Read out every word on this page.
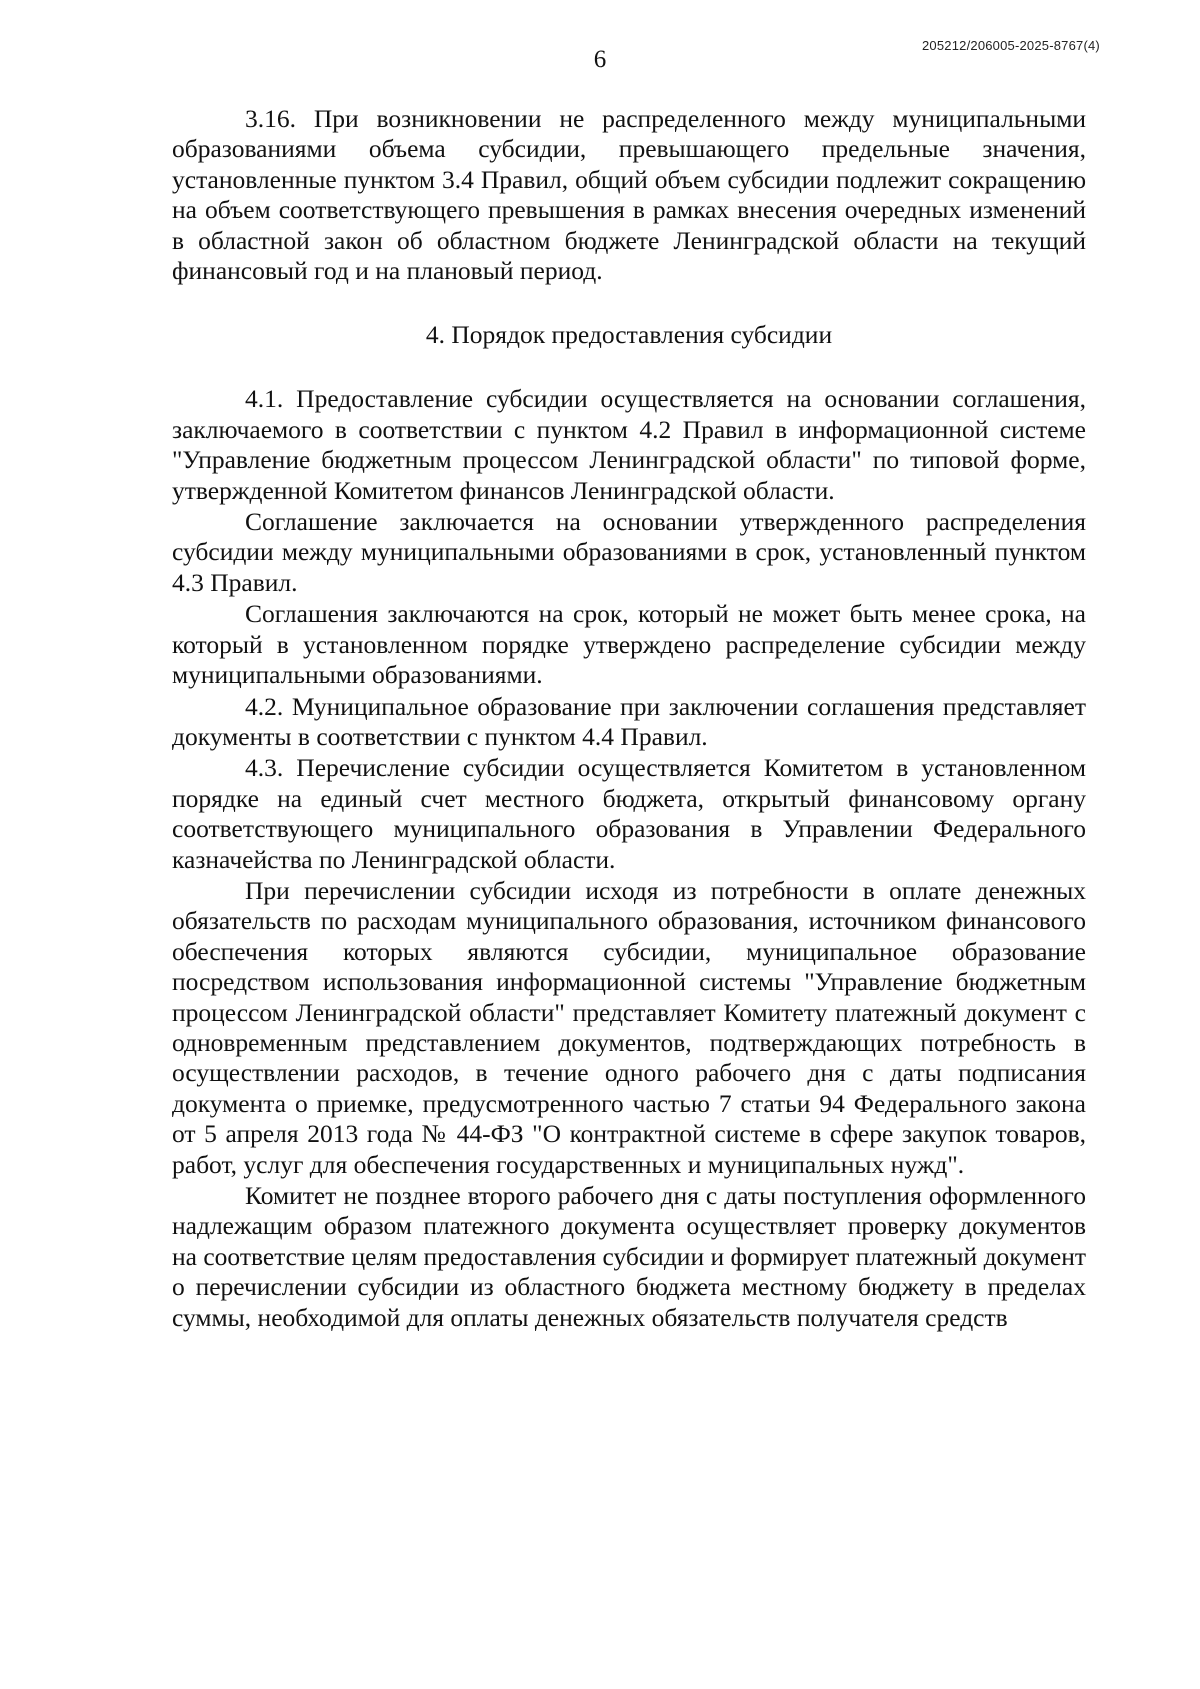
205212/206005-2025-8767(4)
6

3.16. При возникновении не распределенного между муниципальными образованиями объема субсидии, превышающего предельные значения, установленные пунктом 3.4 Правил, общий объем субсидии подлежит сокращению на объем соответствующего превышения в рамках внесения очередных изменений в областной закон об областном бюджете Ленинградской области на текущий финансовый год и на плановый период.

4. Порядок предоставления субсидии

4.1. Предоставление субсидии осуществляется на основании соглашения, заключаемого в соответствии с пунктом 4.2 Правил в информационной системе "Управление бюджетным процессом Ленинградской области" по типовой форме, утвержденной Комитетом финансов Ленинградской области.

Соглашение заключается на основании утвержденного распределения субсидии между муниципальными образованиями в срок, установленный пунктом 4.3 Правил.

Соглашения заключаются на срок, который не может быть менее срока, на который в установленном порядке утверждено распределение субсидии между муниципальными образованиями.

4.2. Муниципальное образование при заключении соглашения представляет документы в соответствии с пунктом 4.4 Правил.

4.3. Перечисление субсидии осуществляется Комитетом в установленном порядке на единый счет местного бюджета, открытый финансовому органу соответствующего муниципального образования в Управлении Федерального казначейства по Ленинградской области.

При перечислении субсидии исходя из потребности в оплате денежных обязательств по расходам муниципального образования, источником финансового обеспечения которых являются субсидии, муниципальное образование посредством использования информационной системы "Управление бюджетным процессом Ленинградской области" представляет Комитету платежный документ с одновременным представлением документов, подтверждающих потребность в осуществлении расходов, в течение одного рабочего дня с даты подписания документа о приемке, предусмотренного частью 7 статьи 94 Федерального закона от 5 апреля 2013 года № 44-ФЗ "О контрактной системе в сфере закупок товаров, работ, услуг для обеспечения государственных и муниципальных нужд".

Комитет не позднее второго рабочего дня с даты поступления оформленного надлежащим образом платежного документа осуществляет проверку документов на соответствие целям предоставления субсидии и формирует платежный документ о перечислении субсидии из областного бюджета местному бюджету в пределах суммы, необходимой для оплаты денежных обязательств получателя средств
